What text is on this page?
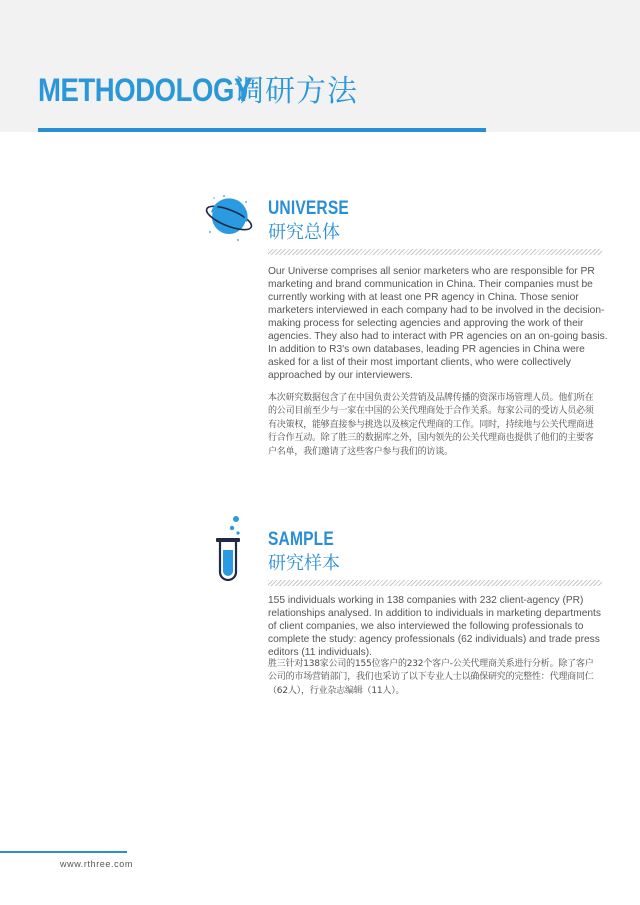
METHODOLOGY
调研方法
UNIVERSE
研究总体

Our Universe comprises all senior marketers who are responsible for PR marketing and brand communication in China. Their companies must be currently working with at least one PR agency in China. Those senior marketers interviewed in each company had to be involved in the decision-making process for selecting agencies and approving the work of their agencies. They also had to interact with PR agencies on an on-going basis. In addition to R3's own databases, leading PR agencies in China were asked for a list of their most important clients, who were collectively approached by our interviewers.

本次研究数据包含了在中国负责公关营销及品牌传播的资深市场管理人员。他们所在的公司目前至少与一家在中国的公关代理商处于合作关系。每家公司的受访人员必须有决策权，能够直接参与挑选以及核定代理商的工作。同时，持续地与公关代理商进行合作互动。除了胜三的数据库之外，国内领先的公关代理商也提供了他们的主要客户名单，我们邀请了这些客户参与我们的访谈。

SAMPLE
研究样本

155 individuals working in 138 companies with 232 client-agency (PR) relationships analysed. In addition to individuals in marketing departments of client companies, we also interviewed the following professionals to complete the study: agency professionals (62 individuals) and trade press editors (11 individuals).

胜三针对138家公司的155位客户的232个客户-公关代理商关系进行分析。除了客户公司的市场营销部门，我们也采访了以下专业人士以确保研究的完整性：代理商同仁（62人），行业杂志编辑（11人）。

www.rthree.com
